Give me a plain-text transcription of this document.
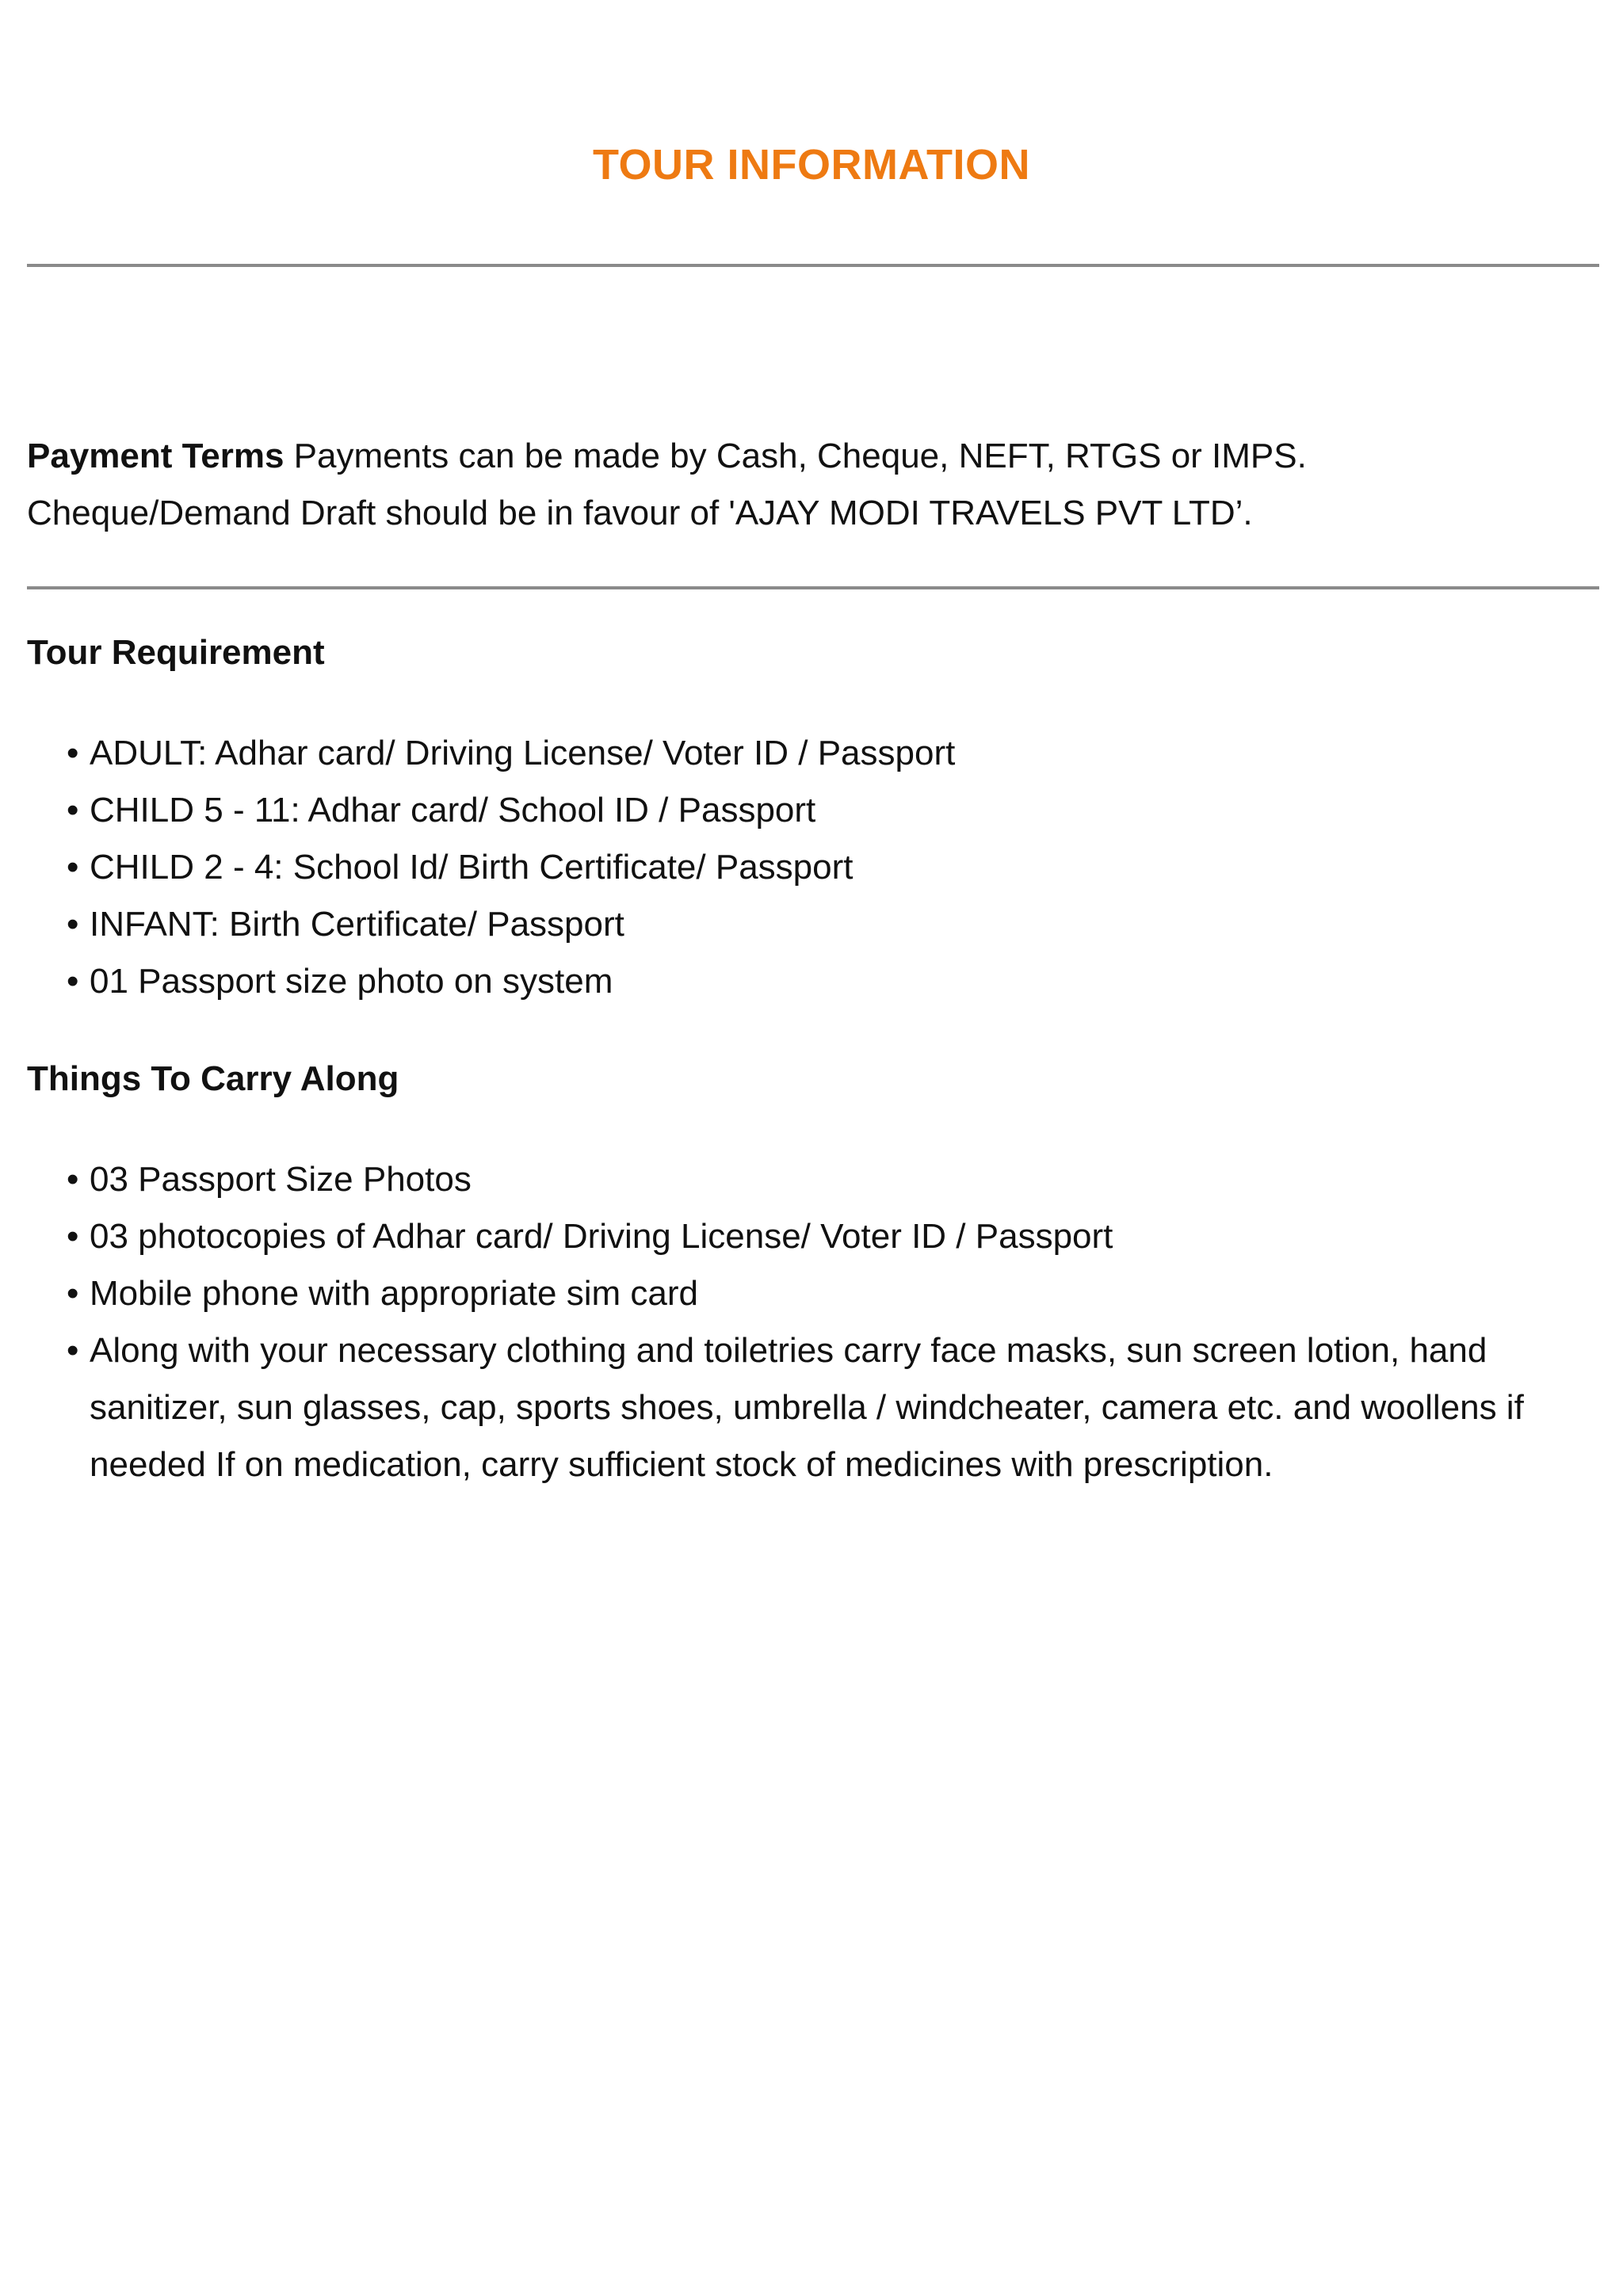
TOUR INFORMATION

Payment Terms Payments can be made by Cash, Cheque, NEFT, RTGS or IMPS.
Cheque/Demand Draft should be in favour of 'AJAY MODI TRAVELS PVT LTD’.

Tour Requirement
• ADULT: Adhar card/ Driving License/ Voter ID / Passport
• CHILD 5 - 11: Adhar card/ School ID / Passport
• CHILD 2 - 4: School Id/ Birth Certificate/ Passport
• INFANT: Birth Certificate/ Passport
• 01 Passport size photo on system
Things To Carry Along
• 03 Passport Size Photos
• 03 photocopies of Adhar card/ Driving License/ Voter ID / Passport
• Mobile phone with appropriate sim card
• Along with your necessary clothing and toiletries carry face masks, sun screen lotion, hand sanitizer, sun glasses, cap, sports shoes, umbrella / windcheater, camera etc. and woollens if needed If on medication, carry sufficient stock of medicines with prescription.
